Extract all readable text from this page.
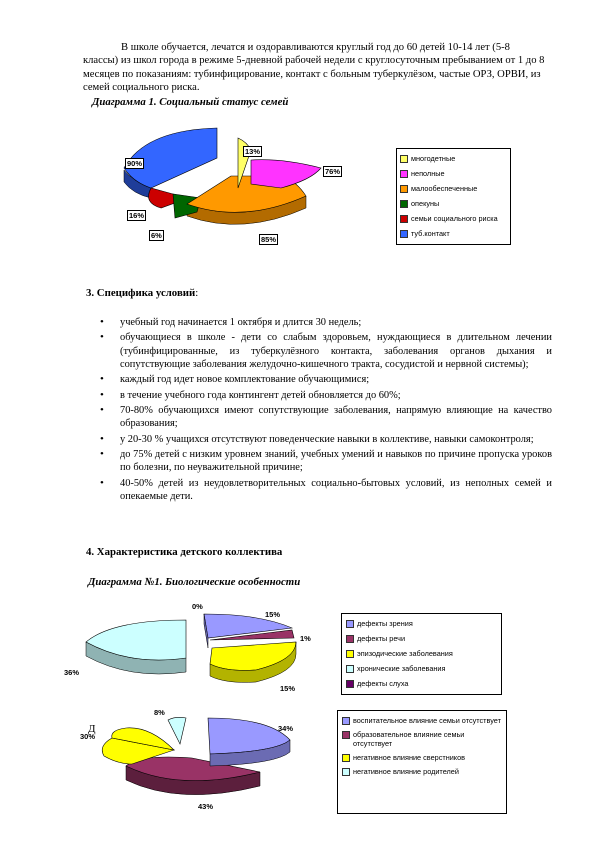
В школе обучается, лечатся и оздоравливаются круглый год до 60 детей 10-14 лет (5-8 классы) из школ города в режиме 5-дневной рабочей недели с круглосуточным пребыванием от 1 до 8 месяцев по показаниям: тубинфицирование, контакт с больным туберкулёзом, частые ОРЗ, ОРВИ, из семей социального риска.
Диаграмма 1. Социальный статус семей
90%
13%
76%
16%
6%	85%
многодетные
неполные
малообеспеченные
опекуны
семьи социального риска
туб.контакт
3. Специфика условий:
• учебный год начинается 1 октября и длится 30 недель;
• обучающиеся в школе - дети со слабым здоровьем, нуждающиеся в длительном лечении (тубинфицированные, из туберкулёзного контакта, заболевания органов дыхания и сопутствующие заболевания желудочно-кишечного тракта, сосудистой и нервной системы);
• каждый год идет новое комплектование обучающимися;
• в течение учебного года контингент детей обновляется до 60%;
• 70-80% обучающихся имеют сопутствующие заболевания, напрямую влияющие на качество образования;
• у 20-30 % учащихся отсутствуют поведенческие навыки в коллективе, навыки самоконтроля;
• до 75% детей с низким уровнем знаний, учебных умений и навыков по причине пропуска уроков по болезни, по неуважительной причине;
• 40-50% детей из неудовлетворительных социально-бытовых условий, из неполных семей и опекаемые дети.
4. Характеристика детского коллектива
Диаграмма №1. Биологические особенности
0%
15%
1%
15%
36%
дефекты зрения
дефекты речи
эпизодические заболевания
хронические заболевания
дефекты слуха
Д
8%
34%
30%
43%
воспитательное влияние семьи отсутствует
образовательное влияние семьи отсутствует
негативное влияние сверстников
негативное влияние родителей
